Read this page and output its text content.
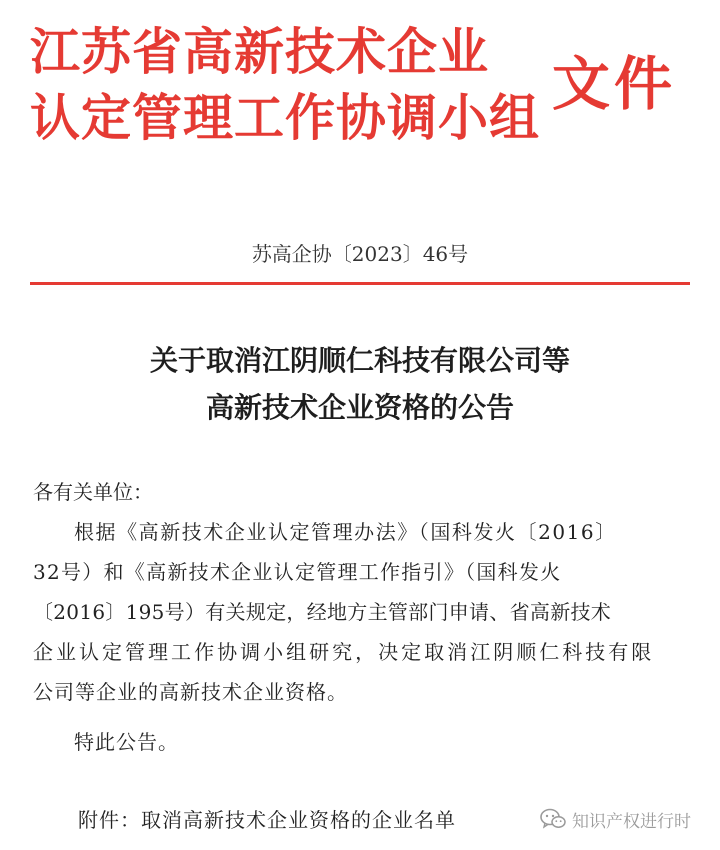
江苏省高新技术企业
认定管理工作协调小组 文件
苏高企协〔2023〕46号
关于取消江阴顺仁科技有限公司等
高新技术企业资格的公告
各有关单位：
根据《高新技术企业认定管理办法》（国科发火〔2016〕
32号）和《高新技术企业认定管理工作指引》（国科发火
〔2016〕195号）有关规定，经地方主管部门申请、省高新技术
企业认定管理工作协调小组研究，决定取消江阴顺仁科技有限
公司等企业的高新技术企业资格。
特此公告。
附件：取消高新技术企业资格的企业名单	知识产权进行时
